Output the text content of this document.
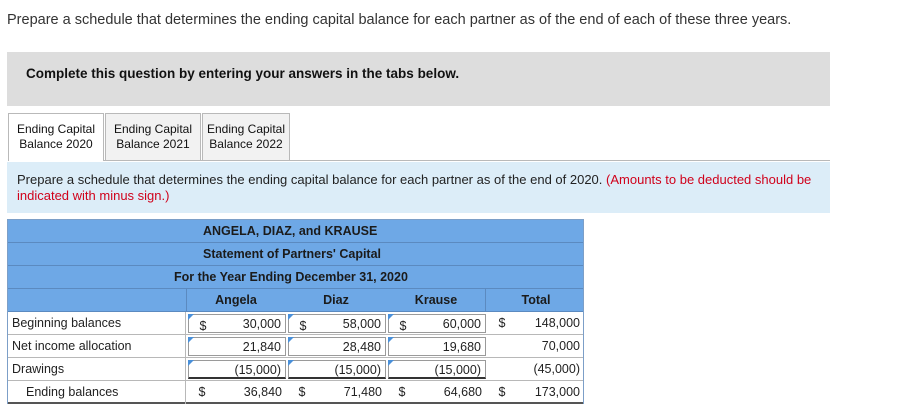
Prepare a schedule that determines the ending capital balance for each partner as of the end of each of these three years.
Complete this question by entering your answers in the tabs below.
Ending Capital
Balance 2020
Ending Capital
Balance 2021
Ending Capital
Balance 2022
Prepare a schedule that determines the ending capital balance for each partner as of the end of 2020. (Amounts to be deducted should be indicated with minus sign.)
ANGELA, DIAZ, and KRAUSE
Statement of Partners' Capital
For the Year Ending December 31, 2020
Angela	Diaz	Krause	Total
Beginning balances	$	30,000	$	58,000	$	60,000	$	148,000
Net income allocation	21,840	28,480	19,680	70,000
Drawings	(15,000)	(15,000)	(15,000)	(45,000)
Ending balances	$	36,840	$	71,480	$	64,680	$	173,000
